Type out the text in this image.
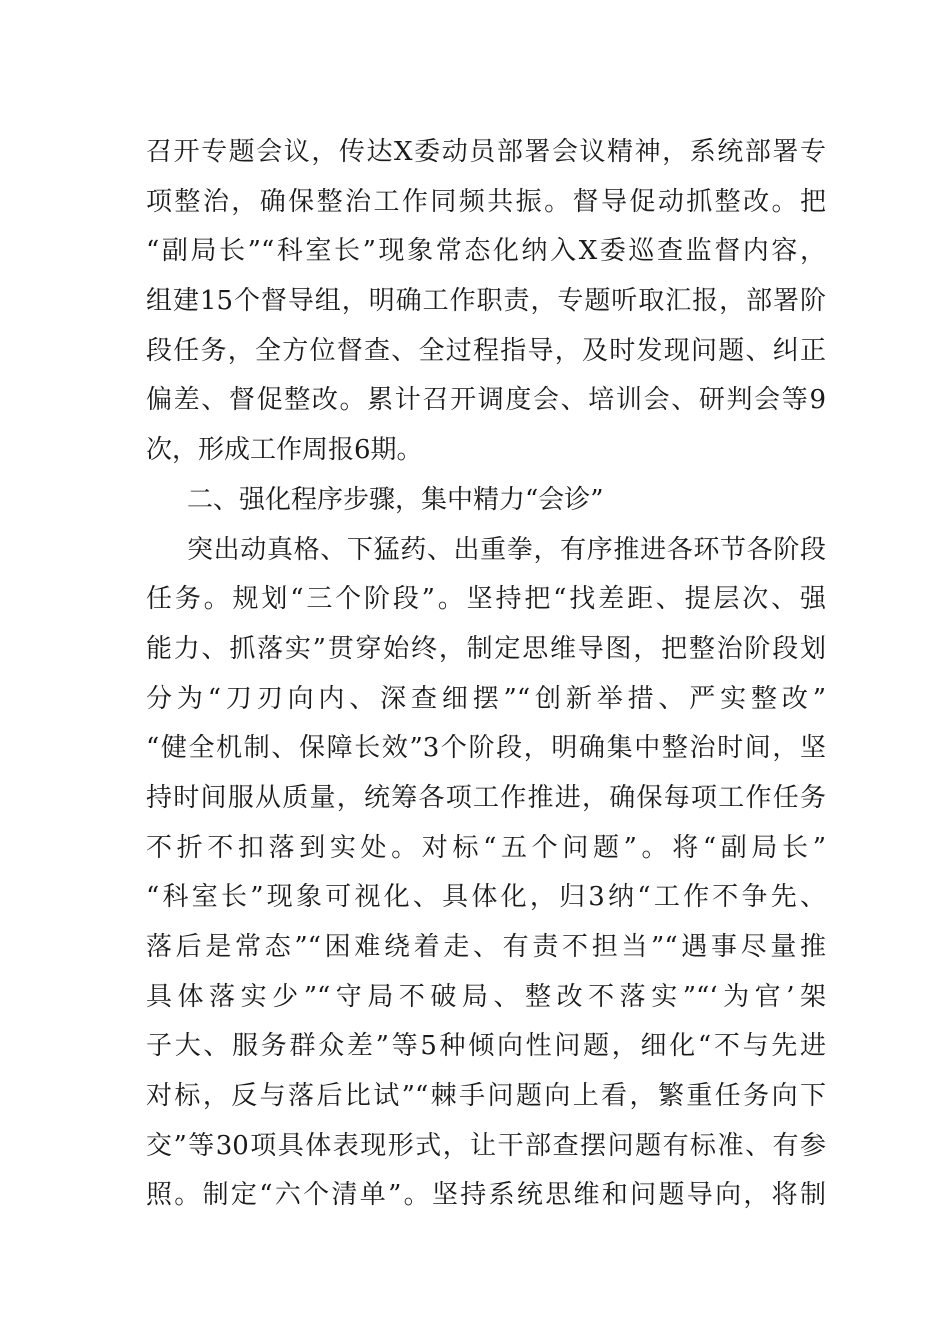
召开专题会议，传达X委动员部署会议精神，系统部署专
项整治，确保整治工作同频共振。督导促动抓整改。把
“副局长”“科室长”现象常态化纳入X委巡查监督内容，
组建15个督导组，明确工作职责，专题听取汇报，部署阶
段任务，全方位督查、全过程指导，及时发现问题、纠正
偏差、督促整改。累计召开调度会、培训会、研判会等9
次，形成工作周报6期。
二、强化程序步骤，集中精力“会诊”
突出动真格、下猛药、出重拳，有序推进各环节各阶段
任务。规划“三个阶段”。坚持把“找差距、提层次、强
能力、抓落实”贯穿始终，制定思维导图，把整治阶段划
分为“刀刃向内、深查细摆”“创新举措、严实整改”
“健全机制、保障长效”3个阶段，明确集中整治时间，坚
持时间服从质量，统筹各项工作推进，确保每项工作任务
不折不扣落到实处。对标“五个问题”。将“副局长”
“科室长”现象可视化、具体化，归3纳“工作不争先、
落后是常态”“困难绕着走、有责不担当”“遇事尽量推
具体落实少”“守局不破局、整改不落实”“‘为官’架
子大、服务群众差”等5种倾向性问题，细化“不与先进
对标，反与落后比试”“棘手问题向上看，繁重任务向下
交”等30项具体表现形式，让干部查摆问题有标准、有参
照。制定“六个清单”。坚持系统思维和问题导向，将制
